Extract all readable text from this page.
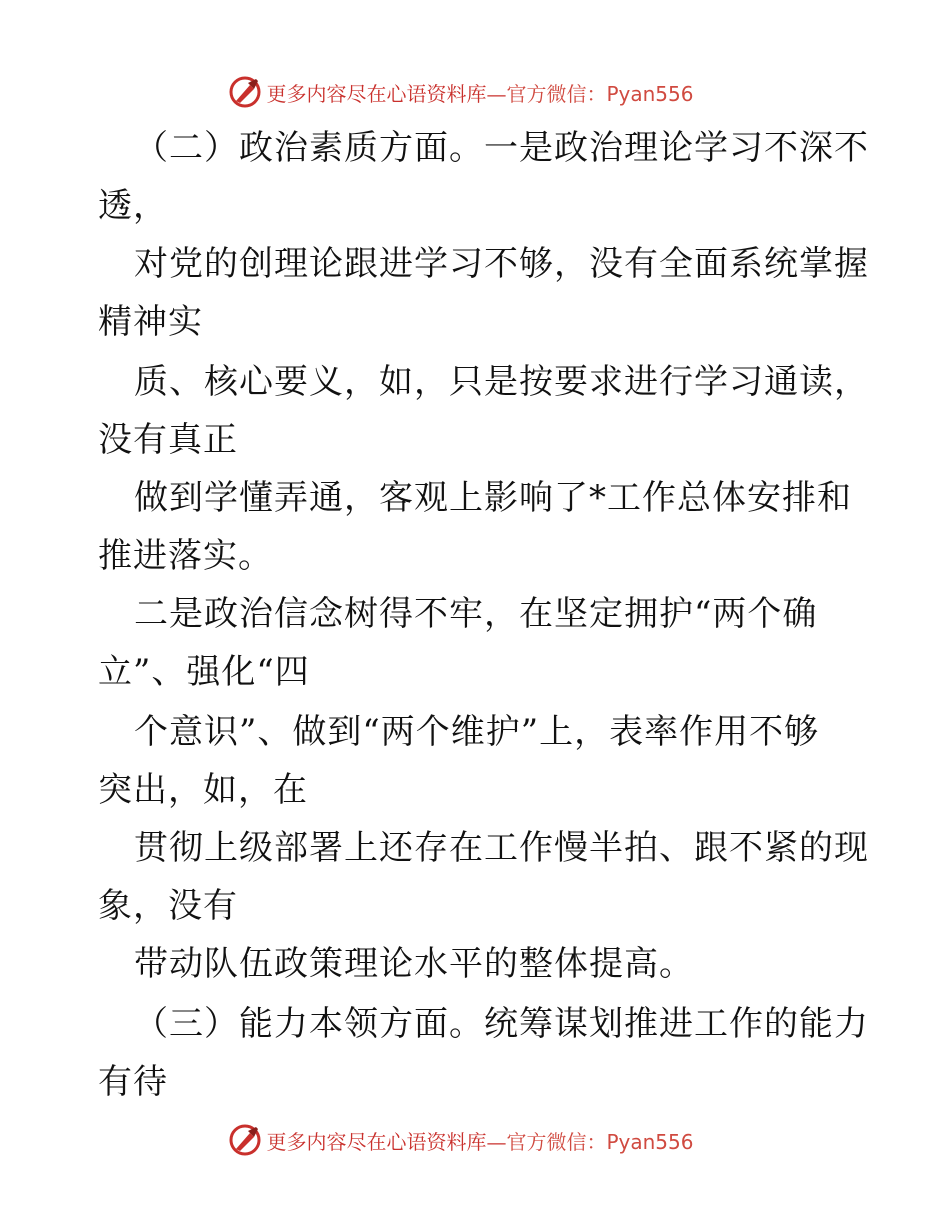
更多内容尽在心语资料库— 官方微信：Pyan556
（二）政治素质方面。一是政治理论学习不深不
透，
对党的创理论跟进学习不够，没有全面系统掌握
精神实
质、核心要义，如，只是按要求进行学习通读，
没有真正
做到学懂弄通，客观上影响了*工作总体安排和
推进落实。
二是政治信念树得不牢，在坚定拥护“两个确
立”、强化“四
个意识”、做到“两个维护”上，表率作用不够
突出，如，在
贯彻上级部署上还存在工作慢半拍、跟不紧的现
象，没有
带动队伍政策理论水平的整体提高。
（三）能力本领方面。统筹谋划推进工作的能力
有待
更多内容尽在心语资料库— 官方微信：Pyan556
